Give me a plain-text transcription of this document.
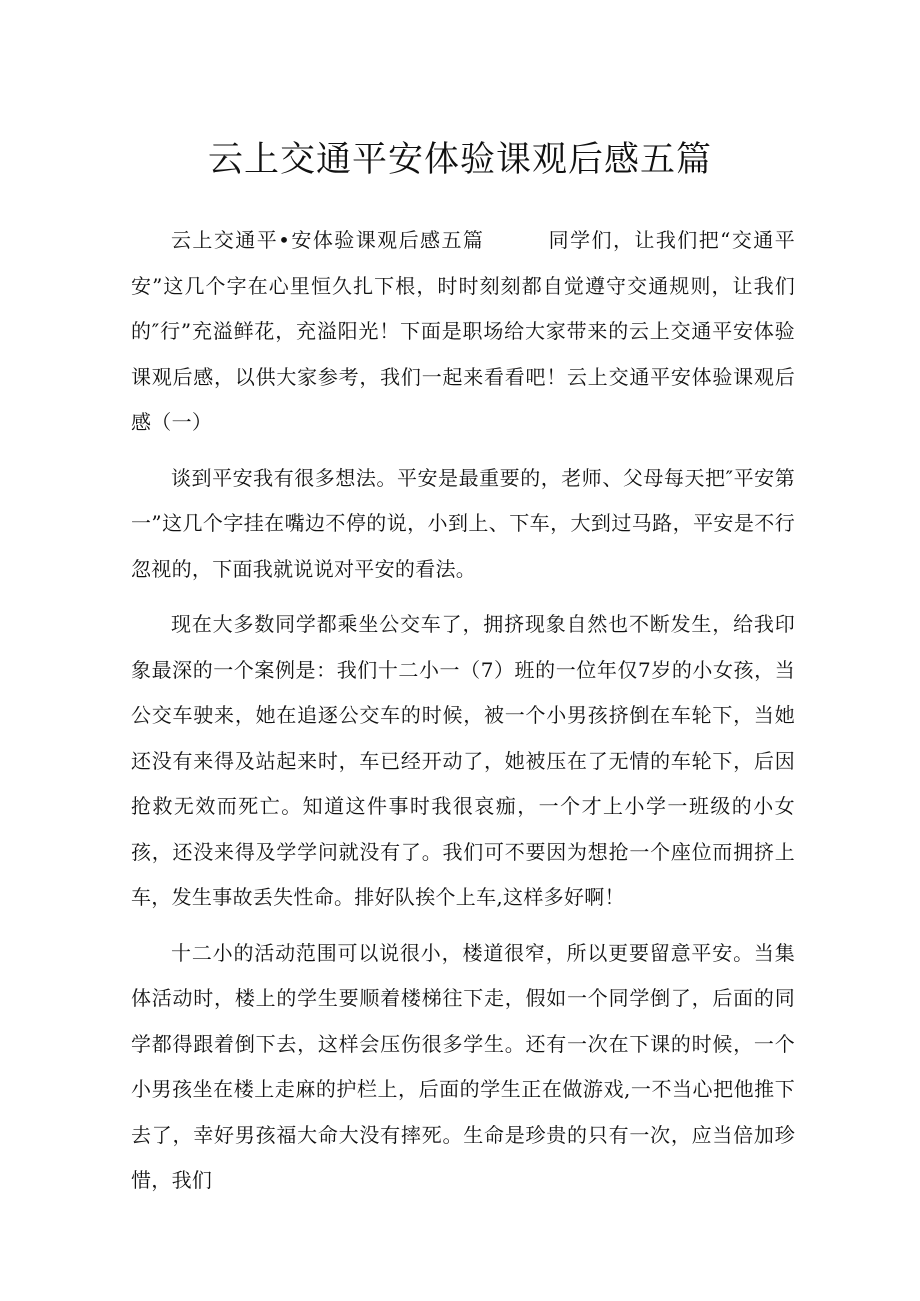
云上交通平安体验课观后感五篇

云上交通平•安体验课观后感五篇　　　同学们，让我们把“交通平安”这几个字在心里恒久扎下根，时时刻刻都自觉遵守交通规则，让我们的″行”充溢鲜花，充溢阳光！下面是职场给大家带来的云上交通平安体验课观后感，以供大家参考，我们一起来看看吧！云上交通平安体验课观后感（一）

谈到平安我有很多想法。平安是最重要的，老师、父母每天把″平安第一”这几个字挂在嘴边不停的说，小到上、下车，大到过马路，平安是不行忽视的，下面我就说说对平安的看法。

现在大多数同学都乘坐公交车了，拥挤现象自然也不断发生，给我印象最深的一个案例是：我们十二小一（7）班的一位年仅7岁的小女孩，当公交车驶来，她在追逐公交车的时候，被一个小男孩挤倒在车轮下，当她还没有来得及站起来时，车已经开动了，她被压在了无情的车轮下，后因抢救无效而死亡。知道这件事时我很哀痂，一个才上小学一班级的小女孩，还没来得及学学问就没有了。我们可不要因为想抢一个座位而拥挤上车，发生事故丢失性命。排好队挨个上车,这样多好啊！

十二小的活动范围可以说很小，楼道很窄，所以更要留意平安。当集体活动时，楼上的学生要顺着楼梯往下走，假如一个同学倒了，后面的同学都得跟着倒下去，这样会压伤很多学生。还有一次在下课的时候，一个小男孩坐在楼上走麻的护栏上，后面的学生正在做游戏,一不当心把他推下去了，幸好男孩福大命大没有摔死。生命是珍贵的只有一次，应当倍加珍惜，我们
